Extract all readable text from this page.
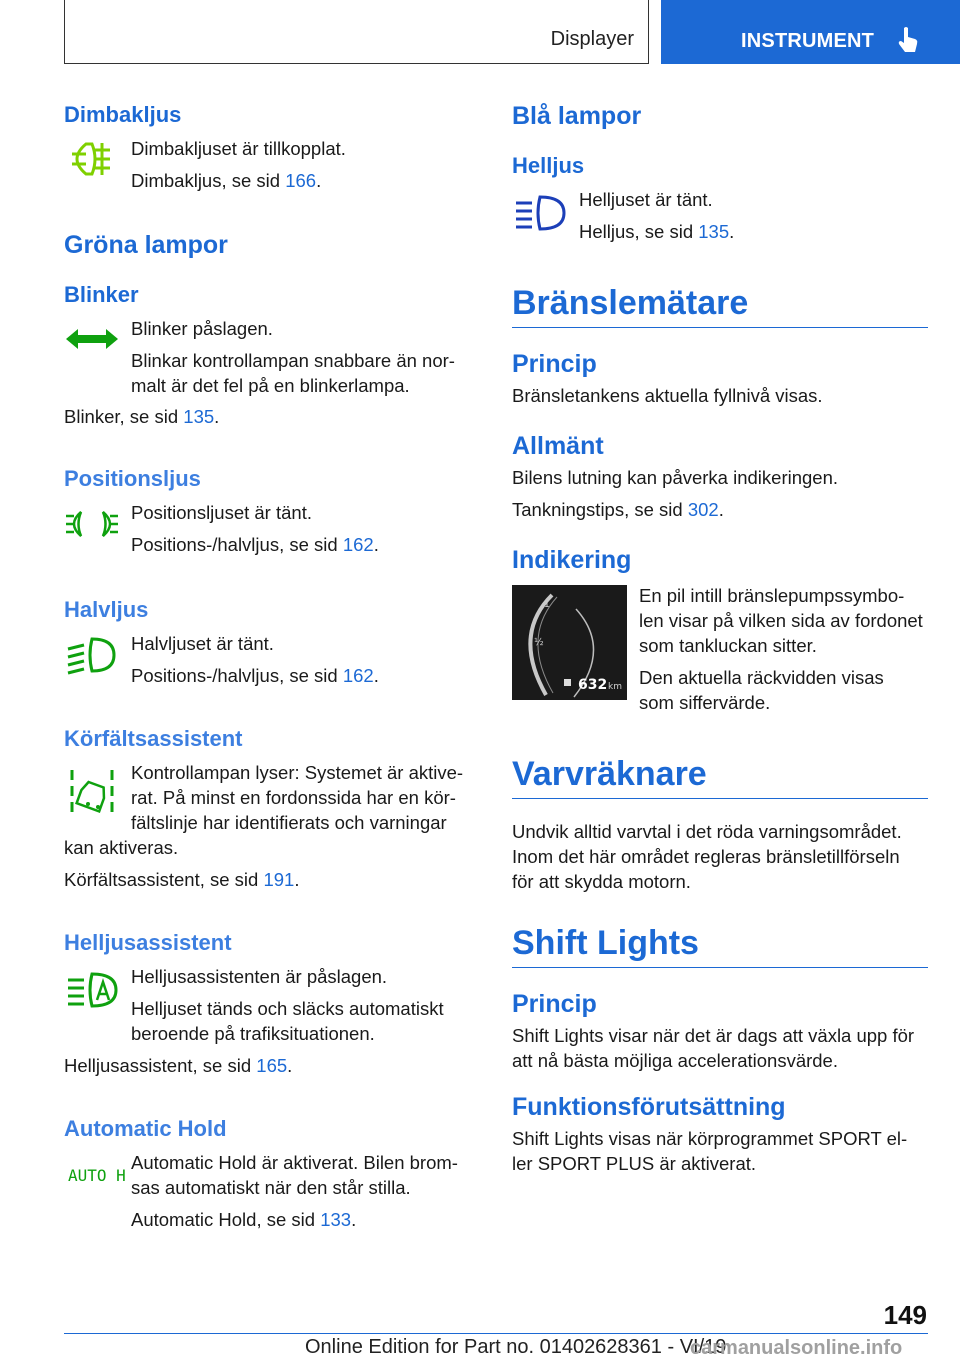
Displayer	INSTRUMENT
Dimbakljus

Dimbakljuset är tillkopplat.

Dimbakljus, se sid 166.

Gröna lampor
Blinker

Blinker påslagen.

Blinkar kontrollampan snabbare än nor-
malt är det fel på en blinkerlampa.

Blinker, se sid 135.

Positionsljus

Positionsljuset är tänt.

Positions-/halvljus, se sid 162.

Halvljus

Halvljuset är tänt.

Positions-/halvljus, se sid 162.

Körfältsassistent

Kontrollampan lyser: Systemet är aktive-

rat. På minst en fordonssida har en kör-

fältslinje har identifierats och varningar

kan aktiveras.

Körfältsassistent, se sid 191.

Helljusassistent

Helljusassistenten är påslagen.

Helljuset tänds och släcks automatiskt

beroende på trafiksituationen.

Helljusassistent, se sid 165.

Automatic Hold
AUTO H

Automatic Hold är aktiverat. Bilen brom-

sas automatiskt när den står stilla.

Automatic Hold, se sid 133.

Blå lampor
Helljus

Helljuset är tänt.

Helljus, se sid 135.

Bränslemätare
Princip

Bränsletankens aktuella fyllnivå visas.

Allmänt

Bilens lutning kan påverka indikeringen.

Tankningstips, se sid 302.

Indikering
1
½
632 km

En pil intill bränslepumpssymbo-

len visar på vilken sida av fordonet

som tankluckan sitter.

Den aktuella räckvidden visas

som siffervärde.

Varvräknare

Undvik alltid varvtal i det röda varningsområdet.

Inom det här området regleras bränsletillförseln

för att skydda motorn.

Shift Lights
Princip

Shift Lights visar när det är dags att växla upp för

att nå bästa möjliga accelerationsvärde.

Funktionsförutsättning

Shift Lights visas när körprogrammet SPORT el-

ler SPORT PLUS är aktiverat.

149
Online Edition for Part no. 01402628361 - VI/19
carmanualsonline.info
